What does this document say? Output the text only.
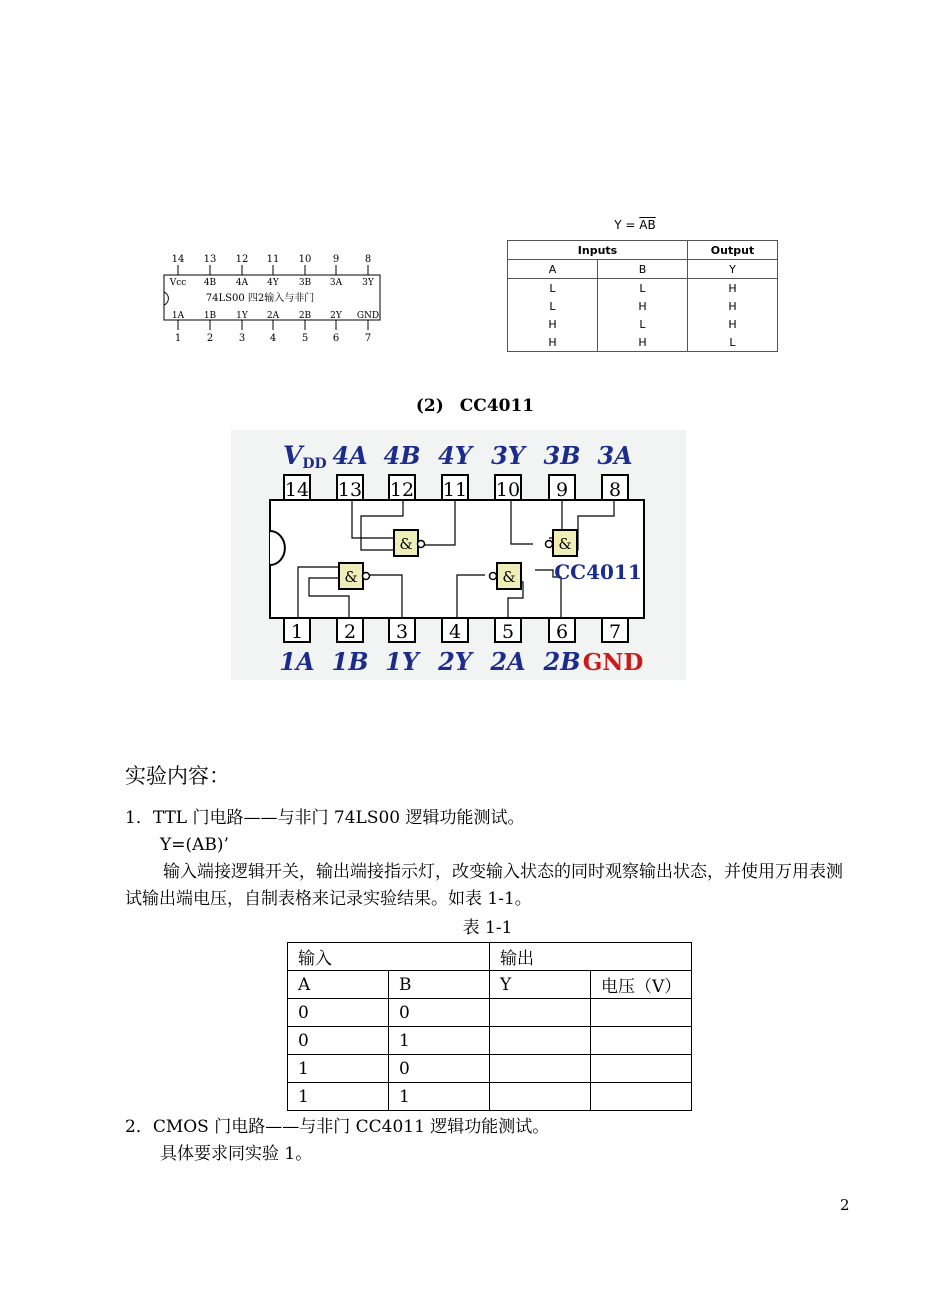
14
Vcc
1A
1
13
4B
1B
2
12
4A
1Y
3
11
4Y
2A
4
10
3B
2B
5
9
3A
2Y
6
8
3Y
GND
7
74LS00 四2输入与非门
$Y = \overline{AB}$
Inputs		Output
A	B	Y
L	L	H
L	H	H
H	L	H
H	H	L
(2) CC4011
&	&
&	& CC4011
14
1
13
2
12
3
11
4
10
5
9
6
8
7
VDD 4A 4B 4Y 3Y 3B 3A
1A 1B 1Y 2Y 2A 2B GND
实验内容：
1．TTL 门电路——与非门 74LS00 逻辑功能测试。
Y=(AB)’
输入端接逻辑开关，输出端接指示灯，改变输入状态的同时观察输出状态，并使用万用表测试输出端电压，自制表格来记录实验结果。如表 1-1。
表 1-1
输入		输出	
A	B	Y	电压（V）
0	0		
0	1		
1	0		
1	1		
2．CMOS 门电路——与非门 CC4011 逻辑功能测试。
具体要求同实验 1。
2
